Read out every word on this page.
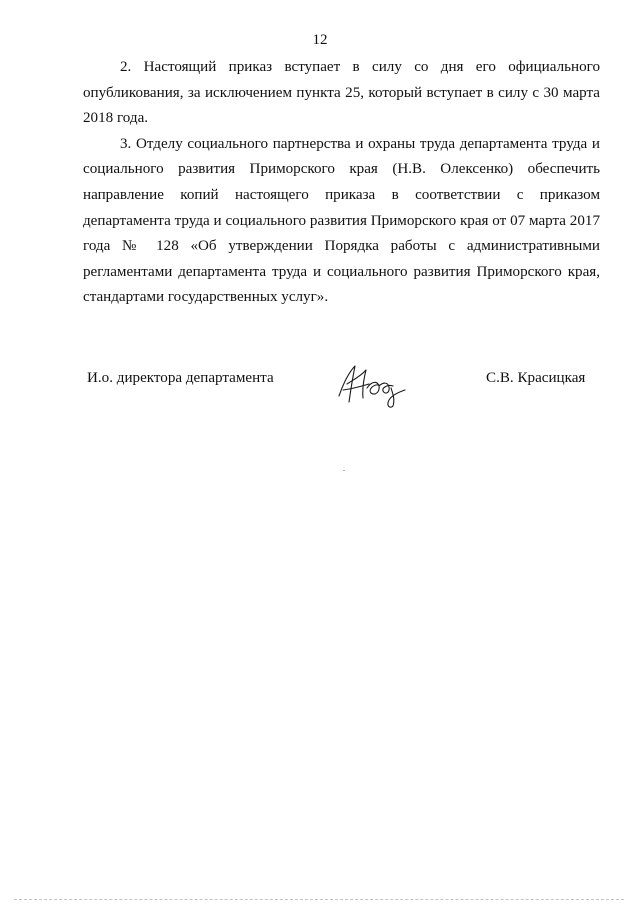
12

2. Настоящий приказ вступает в силу со дня его официального опубликования, за исключением пункта 25, который вступает в силу с 30 марта 2018 года.

3. Отделу социального партнерства и охраны труда департамента труда и социального развития Приморского края (Н.В. Олексенко) обеспечить направление копий настоящего приказа в соответствии с приказом департамента труда и социального развития Приморского края от 07 марта 2017 года № 128 «Об утверждении Порядка работы с административными регламентами департамента труда и социального развития Приморского края, стандартами государственных услуг».

И.о. директора департамента	С.В. Красицкая
